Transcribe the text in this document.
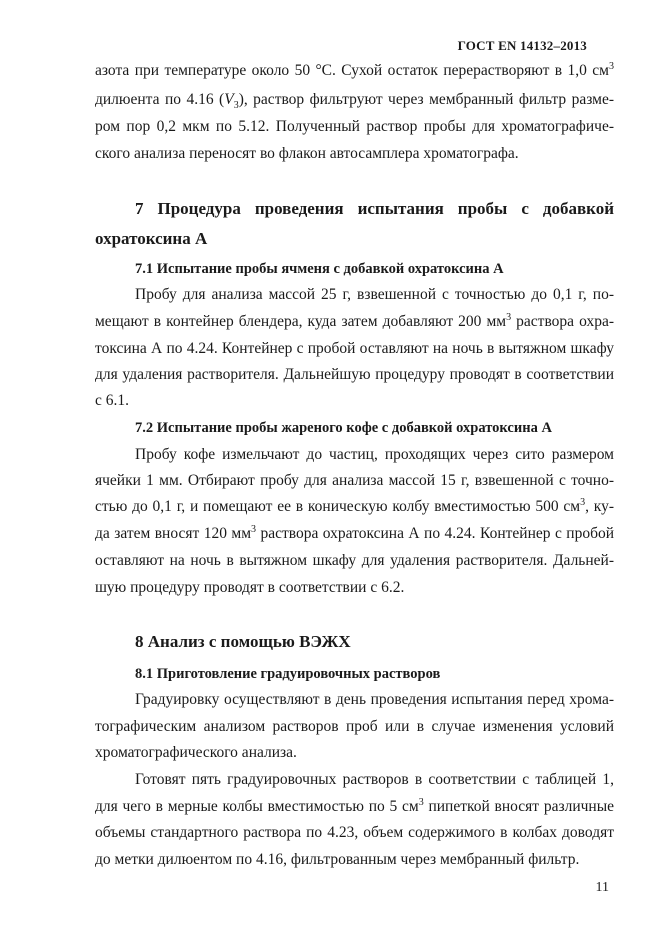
ГОСТ EN 14132–2013
азота при температуре около 50 °С. Сухой остаток перерастворяют в 1,0 $см^3$
дилюента по 4.16 $(V_3)$, раствор фильтруют через мембранный фильтр разме-
ром пор 0,2 мкм по 5.12. Полученный раствор пробы для хроматографиче-
ского анализа переносят во флакон автосамплера хроматографа.
7 Процедура проведения испытания пробы с добавкой
охратоксина А
7.1 Испытание пробы ячменя с добавкой охратоксина А
Пробу для анализа массой 25 г, взвешенной с точностью до 0,1 г, по-
мещают в контейнер блендера, куда затем добавляют 200 $мм^3$ раствора охра-
токсина А по 4.24. Контейнер с пробой оставляют на ночь в вытяжном шкафу
для удаления растворителя. Дальнейшую процедуру проводят в соответствии
с 6.1.
7.2 Испытание пробы жареного кофе с добавкой охратоксина А
Пробу кофе измельчают до частиц, проходящих через сито размером
ячейки 1 мм. Отбирают пробу для анализа массой 15 г, взвешенной с точно-
стью до 0,1 г, и помещают ее в коническую колбу вместимостью 500 $см^3$, ку-
да затем вносят 120 $мм^3$ раствора охратоксина А по 4.24. Контейнер с пробой
оставляют на ночь в вытяжном шкафу для удаления растворителя. Дальней-
шую процедуру проводят в соответствии с 6.2.
8 Анализ с помощью ВЭЖХ
8.1 Приготовление градуировочных растворов
Градуировку осуществляют в день проведения испытания перед хрома-
тографическим анализом растворов проб или в случае изменения условий
хроматографического анализа.
Готовят пять градуировочных растворов в соответствии с таблицей 1,
для чего в мерные колбы вместимостью по 5 $см^3$ пипеткой вносят различные
объемы стандартного раствора по 4.23, объем содержимого в колбах доводят
до метки дилюентом по 4.16, фильтрованным через мембранный фильтр.
11
